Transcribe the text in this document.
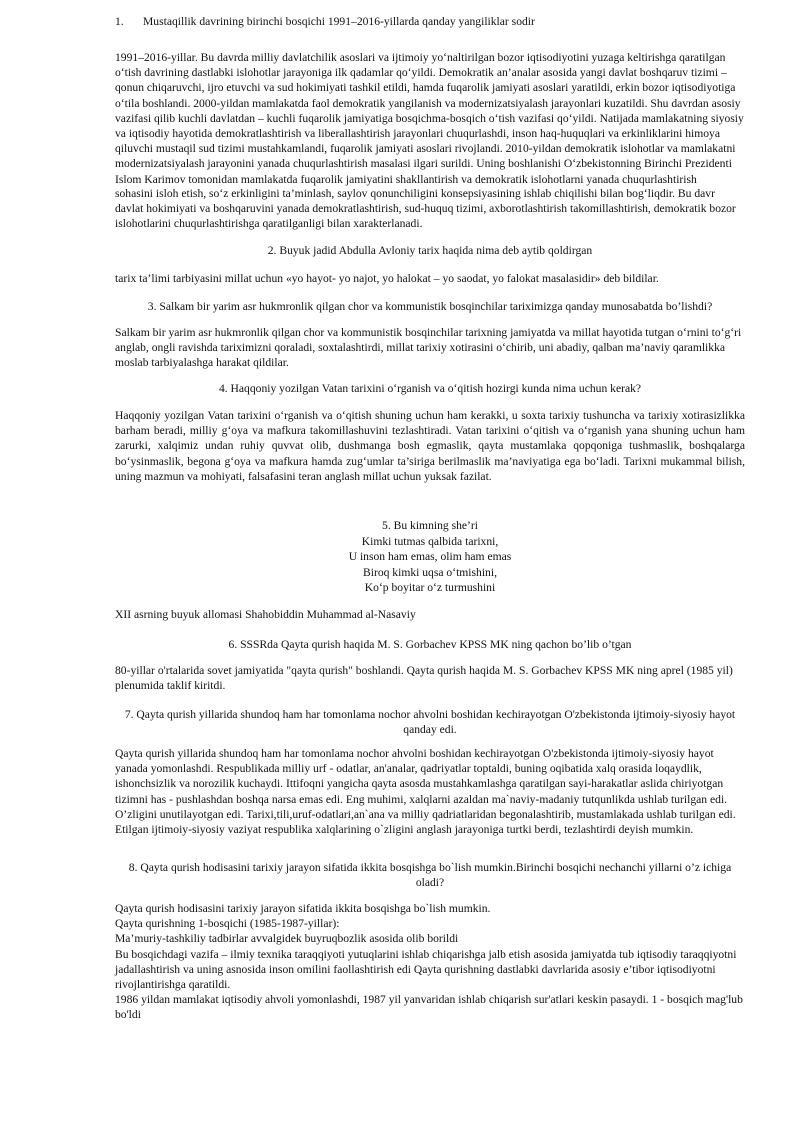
1. Mustaqillik davrining birinchi bosqichi 1991–2016-yillarda qanday yangiliklar sodir

1991–2016-yillar. Bu davrda milliy davlatchilik asoslari va ijtimoiy yo‘naltirilgan bozor iqtisodiyotini yuzaga keltirishga qaratilgan o‘tish davrining dastlabki islohotlar jarayoniga ilk qadamlar qo‘yildi. Demokratik an’analar asosida yangi davlat boshqaruv tizimi – qonun chiqaruvchi, ijro etuvchi va sud hokimiyati tashkil etildi, hamda fuqarolik jamiyati asoslari yaratildi, erkin bozor iqtisodiyotiga o‘tila boshlandi. 2000-yildan mamlakatda faol demokratik yangilanish va modernizatsiyalash jarayonlari kuzatildi. Shu davrdan asosiy vazifasi qilib kuchli davlatdan – kuchli fuqarolik jamiyatiga bosqichma-bosqich o‘tish vazifasi qo‘yildi. Natijada mamlakatning siyosiy va iqtisodiy hayotida demokratlashtirish va liberallashtirish jarayonlari chuqurlashdi, inson haq-huquqlari va erkinliklarini himoya qiluvchi mustaqil sud tizimi mustahkamlandi, fuqarolik jamiyati asoslari rivojlandi. 2010-yildan demokratik islohotlar va mamlakatni modernizatsiyalash jarayonini yanada chuqurlashtirish masalasi ilgari surildi. Uning boshlanishi O‘zbekistonning Birinchi Prezidenti Islom Karimov tomonidan mamlakatda fuqarolik jamiyatini shakllantirish va demokratik islohotlarni yanada chuqurlashtirish

sohasini isloh etish, so‘z erkinligini ta’minlash, saylov qonunchiligini konsepsiyasining ishlab chiqilishi bilan bog‘liqdir. Bu davr davlat hokimiyati va boshqaruvini yanada demokratlashtirish, sud-huquq tizimi, axborotlashtirish takomillashtirish, demokratik bozor islohotlarini chuqurlashtirishga qaratilganligi bilan xarakterlanadi.

2. Buyuk jadid Abdulla Avloniy tarix haqida nima deb aytib qoldirgan

tarix ta’limi tarbiyasini millat uchun «yo hayot- yo najot, yo halokat – yo saodat, yo falokat masalasidir» deb bildilar.

3. Salkam bir yarim asr hukmronlik qilgan chor va kommunistik bosqinchilar tariximizga qanday munosabatda bo’lishdi?

Salkam bir yarim asr hukmronlik qilgan chor va kommunistik bosqinchilar tarixning jamiyatda va millat hayotida tutgan o‘rnini to‘g‘ri anglab, ongli ravishda tariximizni qoraladi, soxtalashtirdi, millat tarixiy xotirasini o‘chirib, uni abadiy, qalban ma’naviy qaramlikka moslab tarbiyalashga harakat qildilar.

4. Haqqoniy yozilgan Vatan tarixini o‘rganish va o‘qitish hozirgi kunda nima uchun kerak?

Haqqoniy yozilgan Vatan tarixini o‘rganish va o‘qitish shuning uchun ham kerakki, u soxta tarixiy tushuncha va tarixiy xotirasizlikka barham beradi, milliy g‘oya va mafkura takomillashuvini tezlashtiradi. Vatan tarixini o‘qitish va o‘rganish yana shuning uchun ham zarurki, xalqimiz undan ruhiy quvvat olib, dushmanga bosh egmaslik, qayta mustamlaka qopqoniga tushmaslik, boshqalarga bo‘ysinmaslik, begona g‘oya va mafkura hamda zug‘umlar ta’siriga berilmaslik ma’naviyatiga ega bo‘ladi. Tarixni mukammal bilish, uning mazmun va mohiyati, falsafasini teran anglash millat uchun yuksak fazilat.

5. Bu kimning she’ri
Kimki tutmas qalbida tarixni,
U inson ham emas, olim ham emas
Biroq kimki uqsa o‘tmishini,
Ko‘p boyitar o‘z turmushini

XII asrning buyuk allomasi Shahobiddin Muhammad al-Nasaviy

6. SSSRda Qayta qurish haqida M. S. Gorbachev KPSS MK ning qachon bo’lib o’tgan

80-yillar o'rtalarida sovet jamiyatida "qayta qurish" boshlandi. Qayta qurish haqida M. S. Gorbachev KPSS MK ning aprel (1985 yil) plenumida taklif kiritdi.

7. Qayta qurish yillarida shundoq ham har tomonlama nochor ahvolni boshidan kechirayotgan O'zbekistonda ijtimoiy-siyosiy hayot qanday edi.

Qayta qurish yillarida shundoq ham har tomonlama nochor ahvolni boshidan kechirayotgan O'zbekistonda ijtimoiy-siyosiy hayot yanada yomonlashdi. Respublikada milliy urf - odatlar, an'analar, qadriyatlar toptaldi, buning oqibatida xalq orasida loqaydlik, ishonchsizlik va norozilik kuchaydi. Ittifoqni yangicha qayta asosda mustahkamlashga qaratilgan sayi-harakatlar aslida chiriyotgan tizimni has - pushlashdan boshqa narsa emas edi. Eng muhimi, xalqlarni azaldan ma`naviy-madaniy tutqunlikda ushlab turilgan edi. O’zligini unutilayotgan edi. Tarixi,tili,uruf-odatlari,an`ana va milliy qadriatlaridan begonalashtirib, mustamlakada ushlab turilgan edi. Etilgan ijtimoiy-siyosiy vaziyat respublika xalqlarining o`zligini anglash jarayoniga turtki berdi, tezlashtirdi deyish mumkin.

8. Qayta qurish hodisasini tarixiy jarayon sifatida ikkita bosqishga bo`lish mumkin.Birinchi bosqichi nechanchi yillarni o’z ichiga oladi?

Qayta qurish hodisasini tarixiy jarayon sifatida ikkita bosqishga bo`lish mumkin.
Qayta qurishning 1-bosqichi (1985-1987-yillar):
Ma’muriy-tashkiliy tadbirlar avvalgidek buyruqbozlik asosida olib borildi
Bu bosqichdagi vazifa – ilmiy texnika taraqqiyoti yutuqlarini ishlab chiqarishga jalb etish asosida jamiyatda tub iqtisodiy taraqqiyotni jadallashtirish va uning asnosida inson omilini faollashtirish edi Qayta qurishning dastlabki davrlarida asosiy e’tibor iqtisodiyotni rivojlantirishga qaratildi.
1986 yildan mamlakat iqtisodiy ahvoli yomonlashdi, 1987 yil yanvaridan ishlab chiqarish sur'atlari keskin pasaydi. 1 - bosqich mag'lub bo'ldi
